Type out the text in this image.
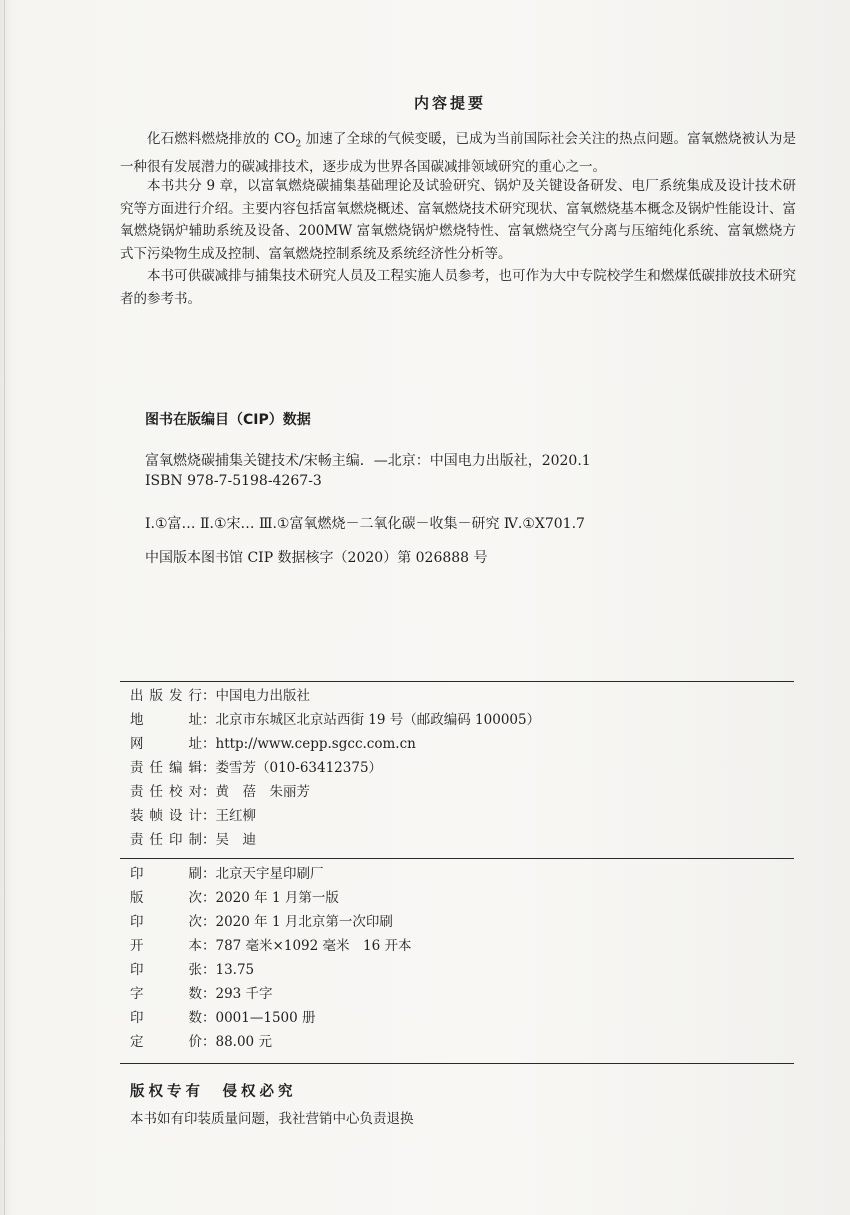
内容提要
化石燃料燃烧排放的 $CO_2$ 加速了全球的气候变暖，已成为当前国际社会关注的热点问题。富氧燃烧被认为是一种很有发展潜力的碳减排技术，逐步成为世界各国碳减排领域研究的重心之一。
本书共分 9 章，以富氧燃烧碳捕集基础理论及试验研究、锅炉及关键设备研发、电厂系统集成及设计技术研究等方面进行介绍。主要内容包括富氧燃烧概述、富氧燃烧技术研究现状、富氧燃烧基本概念及锅炉性能设计、富氧燃烧锅炉辅助系统及设备、200MW 富氧燃烧锅炉燃烧特性、富氧燃烧空气分离与压缩纯化系统、富氧燃烧方式下污染物生成及控制、富氧燃烧控制系统及系统经济性分析等。
本书可供碳减排与捕集技术研究人员及工程实施人员参考，也可作为大中专院校学生和燃煤低碳排放技术研究者的参考书。
图书在版编目（CIP）数据
富氧燃烧碳捕集关键技术/宋畅主编．—北京：中国电力出版社，2020.1
ISBN 978-7-5198-4267-3
Ⅰ.①富… Ⅱ.①宋… Ⅲ.①富氧燃烧－二氧化碳－收集－研究 Ⅳ.①X701.7
中国版本图书馆 CIP 数据核字（2020）第 026888 号
出版发行：中国电力出版社
地址：北京市东城区北京站西街 19 号（邮政编码 100005）
网址：http://www.cepp.sgcc.com.cn
责任编辑：娄雪芳（010-63412375）
责任校对：黄　蓓　朱丽芳
装帧设计：王红柳
责任印制：吴　迪
印刷：北京天宇星印刷厂
版次：2020 年 1 月第一版
印次：2020 年 1 月北京第一次印刷
开本：787 毫米×1092 毫米　16 开本
印张：13.75
字数：293 千字
印数：0001—1500 册
定价：88.00 元
版权专有　侵权必究
本书如有印装质量问题，我社营销中心负责退换
